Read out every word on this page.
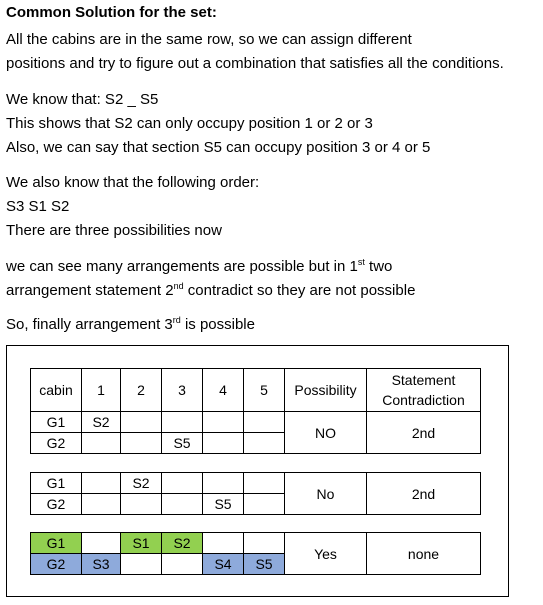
Common Solution for the set:
All the cabins are in the same row, so we can assign different
positions and try to figure out a combination that satisfies all the conditions.
We know that: S2 _ S5
This shows that S2 can only occupy position 1 or 2 or 3
Also, we can say that section S5 can occupy position 3 or 4 or 5
We also know that the following order:
S3 S1 S2
There are three possibilities now
we can see many arrangements are possible but in 1st two
arrangement statement 2nd contradict so they are not possible
So, finally arrangement 3rd is possible
cabin	1	2	3	4	5	Possibility	Statement
Contradiction

G1	S2					NO	2nd
G2			S5				
G1		S2				No	2nd
G2				S5			
G1		S1	S2			Yes	none
G2	S3			S4	S5		
